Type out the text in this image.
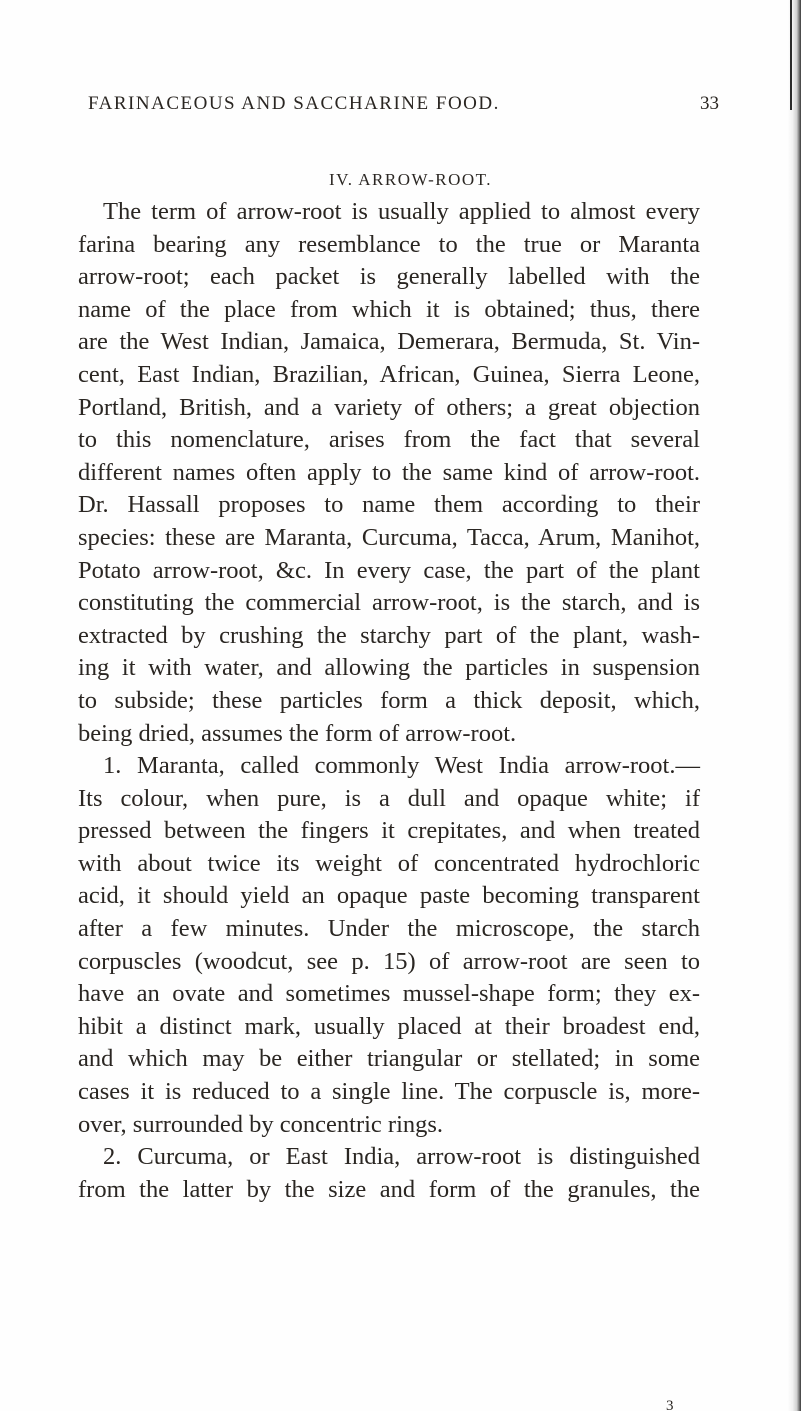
FARINACEOUS AND SACCHARINE FOOD.	33
IV. ARROW-ROOT.
The term of arrow-root is usually applied to almost every
farina bearing any resemblance to the true or Maranta
arrow-root; each packet is generally labelled with the
name of the place from which it is obtained; thus, there
are the West Indian, Jamaica, Demerara, Bermuda, St. Vin-
cent, East Indian, Brazilian, African, Guinea, Sierra Leone,
Portland, British, and a variety of others; a great objection
to this nomenclature, arises from the fact that several
different names often apply to the same kind of arrow-root.
Dr. Hassall proposes to name them according to their
species: these are Maranta, Curcuma, Tacca, Arum, Manihot,
Potato arrow-root, &c. In every case, the part of the plant
constituting the commercial arrow-root, is the starch, and is
extracted by crushing the starchy part of the plant, wash-
ing it with water, and allowing the particles in suspension
to subside; these particles form a thick deposit, which,
being dried, assumes the form of arrow-root.
1. Maranta, called commonly West India arrow-root.—
Its colour, when pure, is a dull and opaque white; if
pressed between the fingers it crepitates, and when treated
with about twice its weight of concentrated hydrochloric
acid, it should yield an opaque paste becoming transparent
after a few minutes. Under the microscope, the starch
corpuscles (woodcut, see p. 15) of arrow-root are seen to
have an ovate and sometimes mussel-shape form; they ex-
hibit a distinct mark, usually placed at their broadest end,
and which may be either triangular or stellated; in some
cases it is reduced to a single line. The corpuscle is, more-
over, surrounded by concentric rings.
2. Curcuma, or East India, arrow-root is distinguished
from the latter by the size and form of the granules, the
3
